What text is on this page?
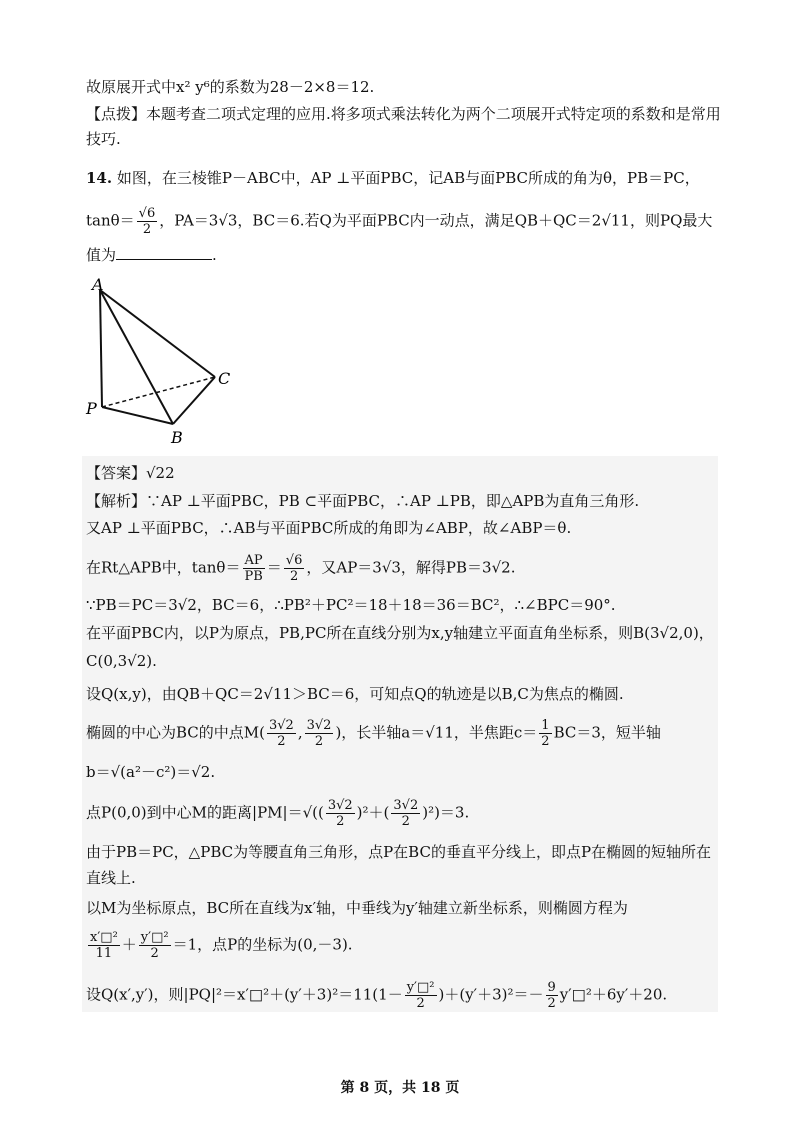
故原展开式中x² y⁶的系数为28－2×8＝12.
【点拨】本题考查二项式定理的应用.将多项式乘法转化为两个二项展开式特定项的系数和是常用
技巧.
14. 如图，在三棱锥P－ABC中，AP ⊥平面PBC，记AB与面PBC所成的角为θ，PB＝PC，
$\tan\theta= \frac{√6}{2}$ ，PA＝3√3，BC＝6.若Q为平面PBC内一动点，满足QB＋QC＝2√11，则PQ最大
值为	.
A
C
P
B
【答案】√22
【解析】∵AP ⊥平面PBC，PB ⊂平面PBC，∴AP ⊥PB，即△APB为直角三角形.
又AP ⊥平面PBC，∴AB与平面PBC所成的角即为∠ABP，故∠ABP＝θ.
在Rt△APB中，$\tan\theta= \frac{AP}{PB} = \frac{√6}{2}$ ，又AP＝3√3，解得PB＝3√2.
∵PB＝PC＝3√2，BC＝6，∴PB²＋PC²＝18＋18＝36＝BC²，∴∠BPC＝90°.
在平面PBC内，以P为原点，PB,PC所在直线分别为x,y轴建立平面直角坐标系，则B(3√2,0)，
C(0,3√2).
设Q(x,y)，由QB＋QC＝2√11＞BC＝6，可知点Q的轨迹是以B,C为焦点的椭圆.
椭圆的中心为BC的中点$M( \frac{3√2}{2}$ , $\frac{3√2}{2}$ )，长半轴a＝√11，半焦距$c= \frac{1}{2} BC=3$，短半轴
b＝√(a²－c²)＝√2.
点P(0,0)到中心M的距离$|PM|=√(( \frac{3√2}{2} )^2+( \frac{3√2}{2} )^2)=3$.
由于PB＝PC，△PBC为等腰直角三角形，点P在BC的垂直平分线上，即点P在椭圆的短轴所在
直线上.
以M为坐标原点，BC所在直线为x′轴，中垂线为y′轴建立新坐标系，则椭圆方程为
$\frac{\text{x′□²}}{11} + \frac{\text{y′□²}}{2} =1$，点P的坐标为(0,－3).
设Q(x′,y′)，则|PQ|²＝x′□²＋(y′＋3)²＝11(1－ $\frac{\text{y′□²}}{2} )+(y'+3)^2=- \frac{9}{2}$ y′□²＋6y′＋20.
第 8 页，共 18 页
